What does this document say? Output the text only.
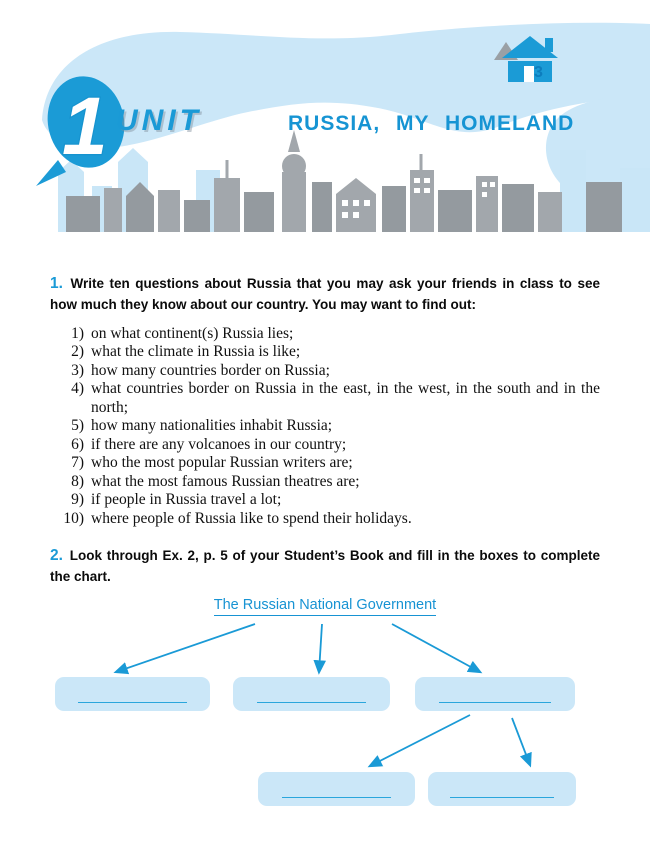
1 UNIT	RUSSIA, MY HOMELAND
3

1. Write ten questions about Russia that you may ask your friends in class to see how much they know about our country. You may want to find out:

1) on what continent(s) Russia lies;
2) what the climate in Russia is like;
3) how many countries border on Russia;
4) what countries border on Russia in the east, in the west, in the south and in the north;
5) how many nationalities inhabit Russia;
6) if there are any volcanoes in our country;
7) who the most popular Russian writers are;
8) what the most famous Russian theatres are;
9) if people in Russia travel a lot;
10) where people of Russia like to spend their holidays.

2. Look through Ex. 2, p. 5 of your Student’s Book and fill in the boxes to complete the chart.

The Russian National Government
